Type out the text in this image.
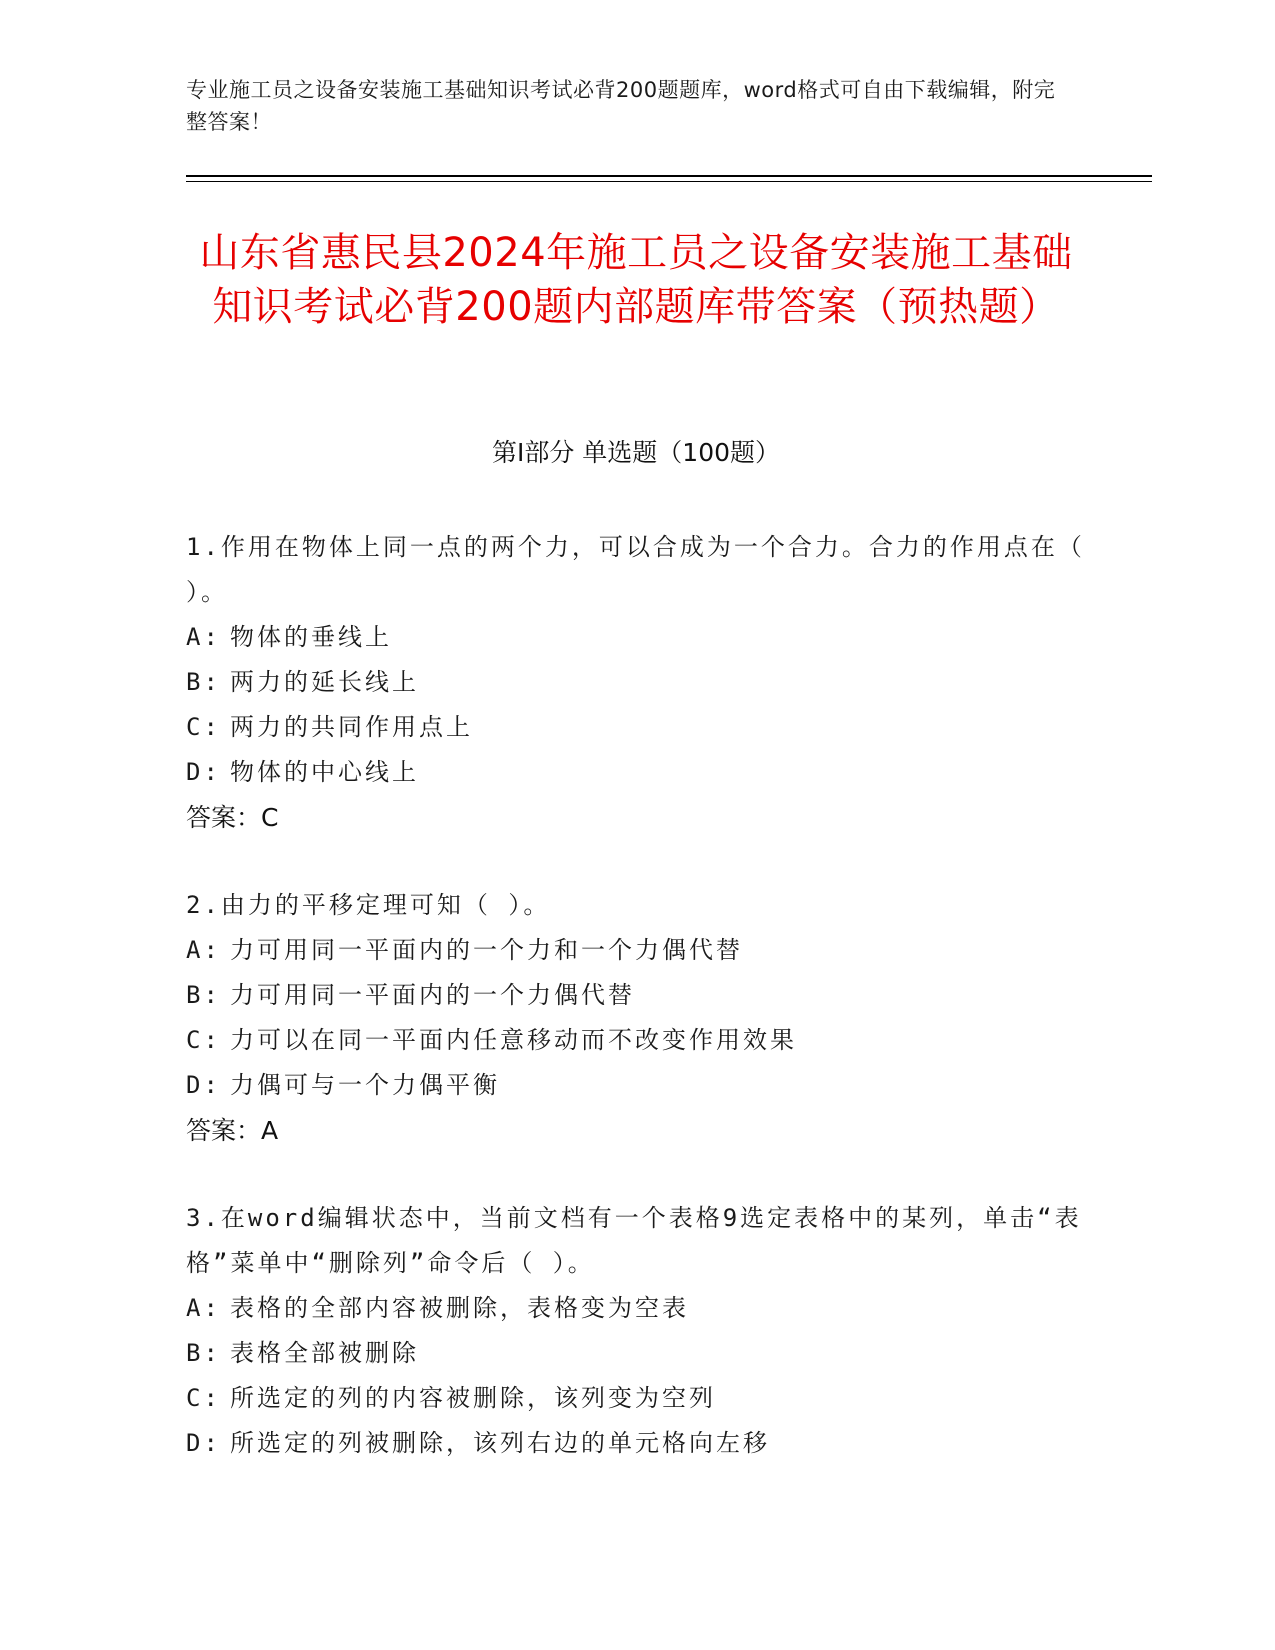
专业施工员之设备安装施工基础知识考试必背200题题库，word格式可自由下载编辑，附完整答案！
山东省惠民县2024年施工员之设备安装施工基础知识考试必背200题内部题库带答案（预热题）
第I部分 单选题（100题）
1.作用在物体上同一点的两个力，可以合成为一个合力。合力的作用点在（ ）。
A: 物体的垂线上
B: 两力的延长线上
C: 两力的共同作用点上
D: 物体的中心线上
答案：C
2.由力的平移定理可知（ ）。
A: 力可用同一平面内的一个力和一个力偶代替
B: 力可用同一平面内的一个力偶代替
C: 力可以在同一平面内任意移动而不改变作用效果
D: 力偶可与一个力偶平衡
答案：A
3.在word编辑状态中，当前文档有一个表格9选定表格中的某列，单击“表格”菜单中“删除列”命令后（ ）。
A: 表格的全部内容被删除，表格变为空表
B: 表格全部被删除
C: 所选定的列的内容被删除，该列变为空列
D: 所选定的列被删除，该列右边的单元格向左移
